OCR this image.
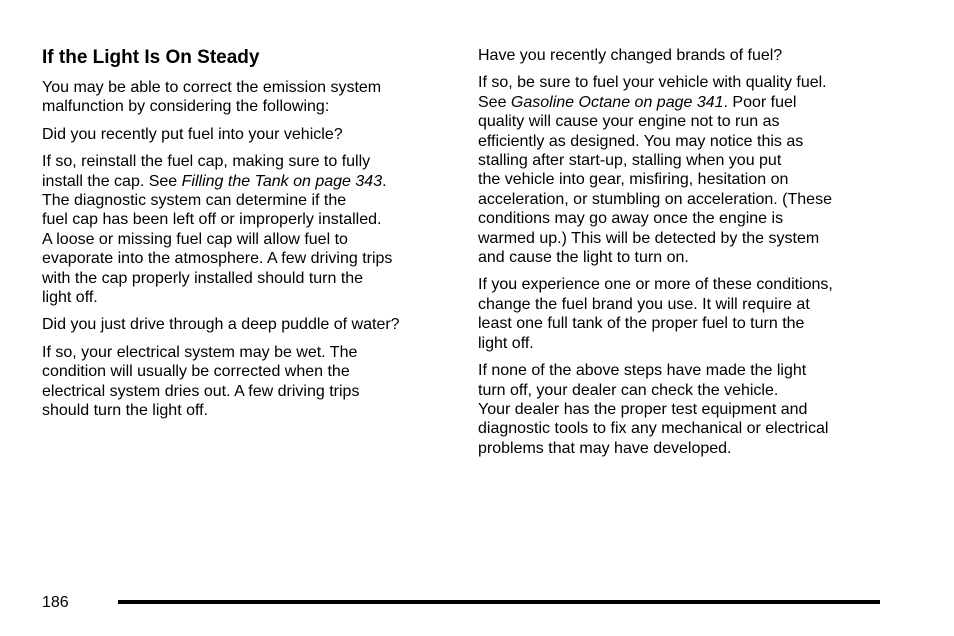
If the Light Is On Steady

You may be able to correct the emission system
malfunction by considering the following:

Did you recently put fuel into your vehicle?

If so, reinstall the fuel cap, making sure to fully
install the cap. See Filling the Tank on page 343.
The diagnostic system can determine if the
fuel cap has been left off or improperly installed.
A loose or missing fuel cap will allow fuel to
evaporate into the atmosphere. A few driving trips
with the cap properly installed should turn the
light off.

Did you just drive through a deep puddle of water?

If so, your electrical system may be wet. The
condition will usually be corrected when the
electrical system dries out. A few driving trips
should turn the light off.

Have you recently changed brands of fuel?

If so, be sure to fuel your vehicle with quality fuel.
See Gasoline Octane on page 341. Poor fuel
quality will cause your engine not to run as
efficiently as designed. You may notice this as
stalling after start-up, stalling when you put
the vehicle into gear, misfiring, hesitation on
acceleration, or stumbling on acceleration. (These
conditions may go away once the engine is
warmed up.) This will be detected by the system
and cause the light to turn on.

If you experience one or more of these conditions,
change the fuel brand you use. It will require at
least one full tank of the proper fuel to turn the
light off.

If none of the above steps have made the light
turn off, your dealer can check the vehicle.
Your dealer has the proper test equipment and
diagnostic tools to fix any mechanical or electrical
problems that may have developed.

186
